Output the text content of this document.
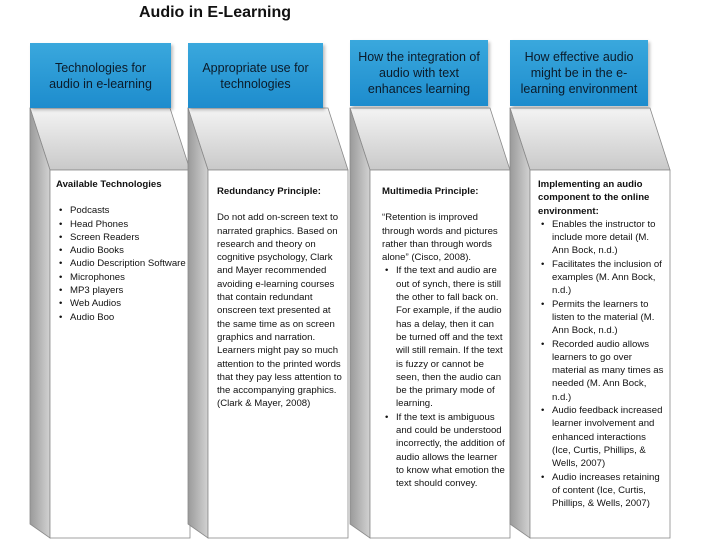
Audio in E-Learning
Technologies for audio in e-learning
Available Technologies
• Podcasts
• Head Phones
• Screen Readers
• Audio Books
• Audio Description Software
• Microphones
• MP3 players
• Web Audios
• Audio Boo
Appropriate use for technologies
Redundancy Principle:
Do not add on-screen text to narrated graphics. Based on research and theory on cognitive psychology, Clark and Mayer recommended avoiding e-learning courses that contain redundant onscreen text presented at the same time as on screen graphics and narration. Learners might pay so much attention to the printed words that they pay less attention to the accompanying graphics. (Clark & Mayer, 2008)
How the integration of audio with text enhances learning
Multimedia Principle:
“Retention is improved through words and pictures rather than through words alone” (Cisco, 2008).
• If the text and audio are out of synch, there is still the other to fall back on. For example, if the audio has a delay, then it can be turned off and the text will still remain. If the text is fuzzy or cannot be seen, then the audio can be the primary mode of learning.
• If the text is ambiguous and could be understood incorrectly, the addition of audio allows the learner to know what emotion the text should convey.
How effective audio might be in the e-learning environment
Implementing an audio component to the online environment:
• Enables the instructor to include more detail (M. Ann Bock, n.d.)
• Facilitates the inclusion of examples (M. Ann Bock, n.d.)
• Permits the learners to listen to the material (M. Ann Bock, n.d.)
• Recorded audio allows learners to go over material as many times as needed (M. Ann Bock, n.d.)
• Audio feedback increased learner involvement and enhanced interactions (Ice, Curtis, Phillips, & Wells, 2007)
• Audio increases retaining of content (Ice, Curtis, Phillips, & Wells, 2007)
